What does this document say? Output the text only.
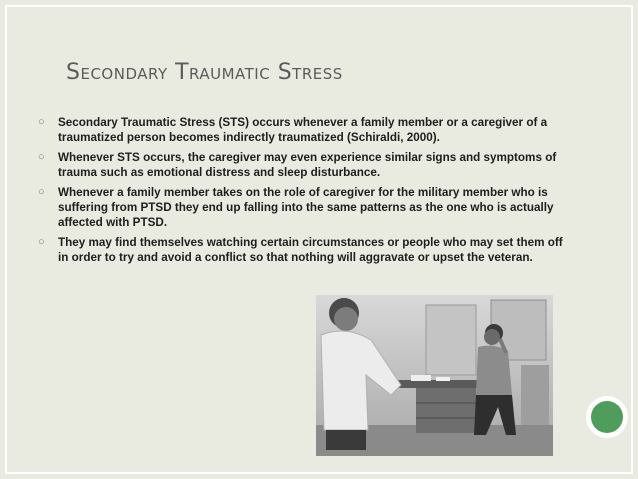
Secondary Traumatic Stress
○ Secondary Traumatic Stress (STS) occurs whenever a family member or a caregiver of a traumatized person becomes indirectly traumatized (Schiraldi, 2000).
○ Whenever STS occurs, the caregiver may even experience similar signs and symptoms of trauma such as emotional distress and sleep disturbance.
○ Whenever a family member takes on the role of caregiver for the military member who is suffering from PTSD they end up falling into the same patterns as the one who is actually affected with PTSD.
○ They may find themselves watching certain circumstances or people who may set them off in order to try and avoid a conflict so that nothing will aggravate or upset the veteran.
